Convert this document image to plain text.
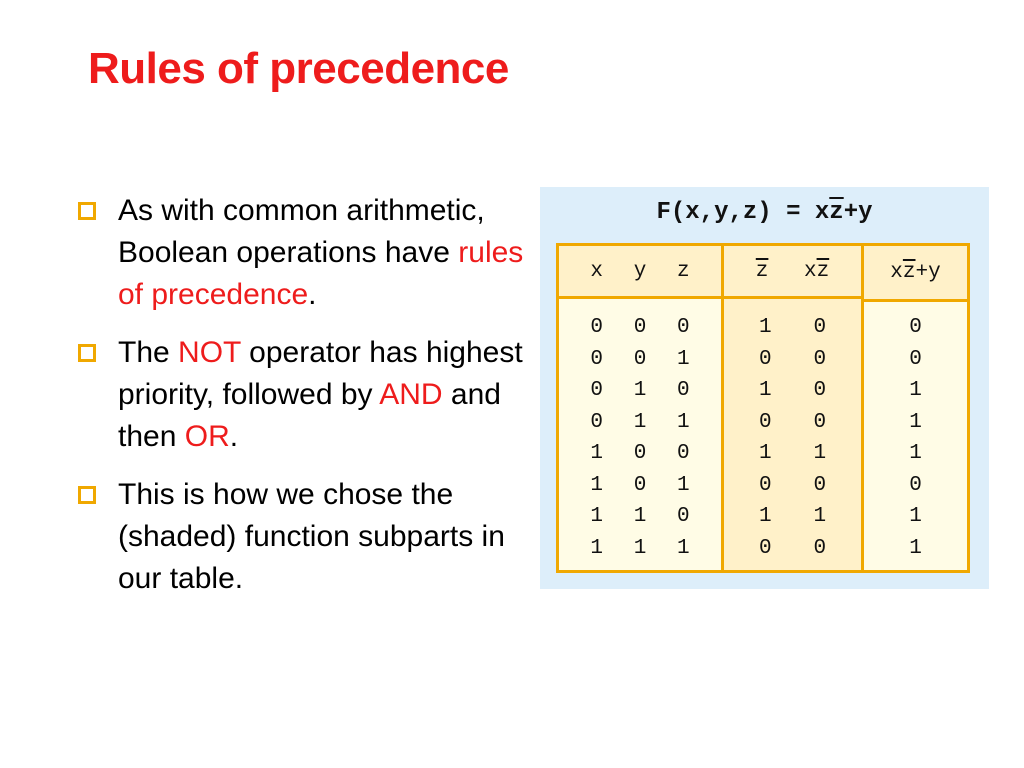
Rules of precedence
As with common arithmetic, Boolean operations have rules of precedence.
The NOT operator has highest priority, followed by AND and then OR.
This is how we chose the (shaded) function subparts in our table.
$F(x,y,z) = x\overline{z}+y$
x y z
0 0 0
0 0 1
0 1 0
0 1 1
1 0 0
1 0 1
1 1 0
1 1 1
$\overline{z}$ $x\overline{z}$
1 0
0 0
1 0
0 0
1 1
0 0
1 1
0 0
$x\overline{z}+y$
0
0
1
1
1
0
1
1
